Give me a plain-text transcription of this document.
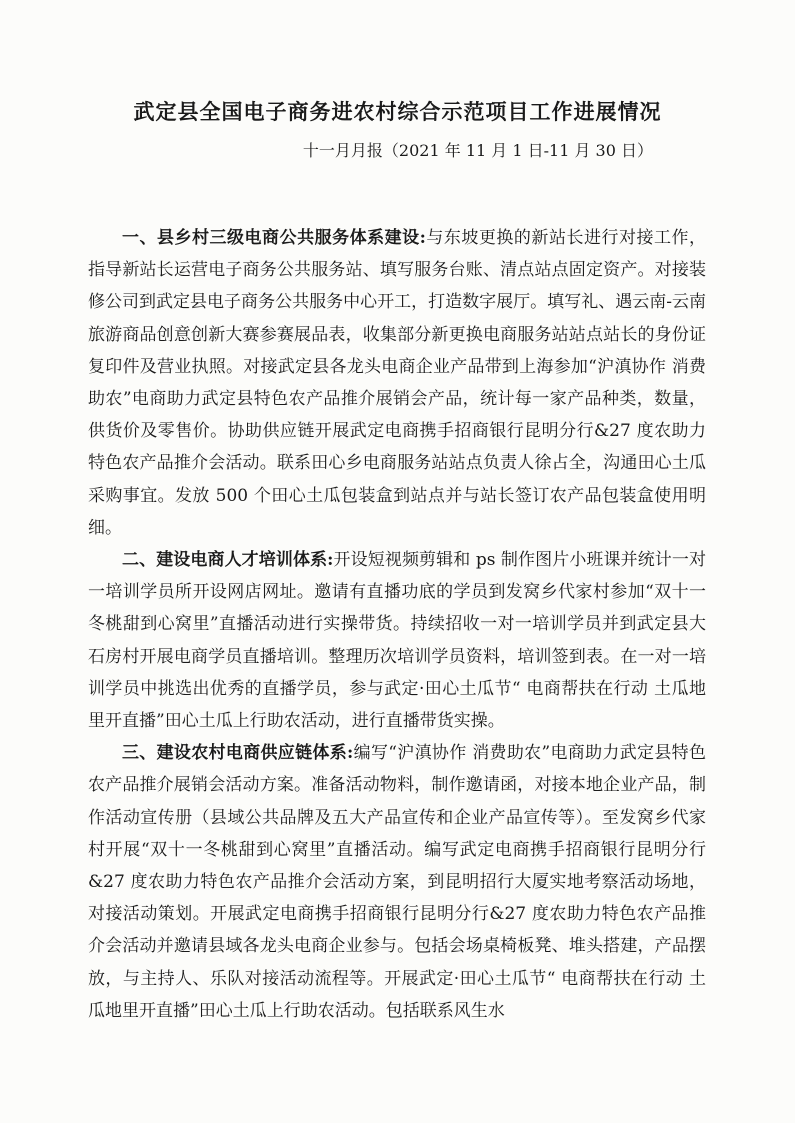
武定县全国电子商务进农村综合示范项目工作进展情况
十一月月报（2021 年 11 月 1 日-11 月 30 日）

一、县乡村三级电商公共服务体系建设:与东坡更换的新站长进行对接工作，指导新站长运营电子商务公共服务站、填写服务台账、清点站点固定资产。对接装修公司到武定县电子商务公共服务中心开工，打造数字展厅。填写礼、遇云南-云南旅游商品创意创新大赛参赛展品表，收集部分新更换电商服务站站点站长的身份证复印件及营业执照。对接武定县各龙头电商企业产品带到上海参加“沪滇协作 消费助农”电商助力武定县特色农产品推介展销会产品，统计每一家产品种类，数量，供货价及零售价。协助供应链开展武定电商携手招商银行昆明分行&27 度农助力特色农产品推介会活动。联系田心乡电商服务站站点负责人徐占全，沟通田心土瓜采购事宜。发放 500 个田心土瓜包装盒到站点并与站长签订农产品包装盒使用明细。

二、建设电商人才培训体系:开设短视频剪辑和 ps 制作图片小班课并统计一对一培训学员所开设网店网址。邀请有直播功底的学员到发窝乡代家村参加“双十一冬桃甜到心窝里”直播活动进行实操带货。持续招收一对一培训学员并到武定县大石房村开展电商学员直播培训。整理历次培训学员资料，培训签到表。在一对一培训学员中挑选出优秀的直播学员，参与武定·田心土瓜节“ 电商帮扶在行动 土瓜地里开直播”田心土瓜上行助农活动，进行直播带货实操。

三、建设农村电商供应链体系:编写“沪滇协作 消费助农”电商助力武定县特色农产品推介展销会活动方案。准备活动物料，制作邀请函，对接本地企业产品，制作活动宣传册（县域公共品牌及五大产品宣传和企业产品宣传等）。至发窝乡代家村开展“双十一冬桃甜到心窝里”直播活动。编写武定电商携手招商银行昆明分行&27 度农助力特色农产品推介会活动方案，到昆明招行大厦实地考察活动场地，对接活动策划。开展武定电商携手招商银行昆明分行&27 度农助力特色农产品推介会活动并邀请县域各龙头电商企业参与。包括会场桌椅板凳、堆头搭建，产品摆放，与主持人、乐队对接活动流程等。开展武定·田心土瓜节“ 电商帮扶在行动 土瓜地里开直播”田心土瓜上行助农活动。包括联系风生水
